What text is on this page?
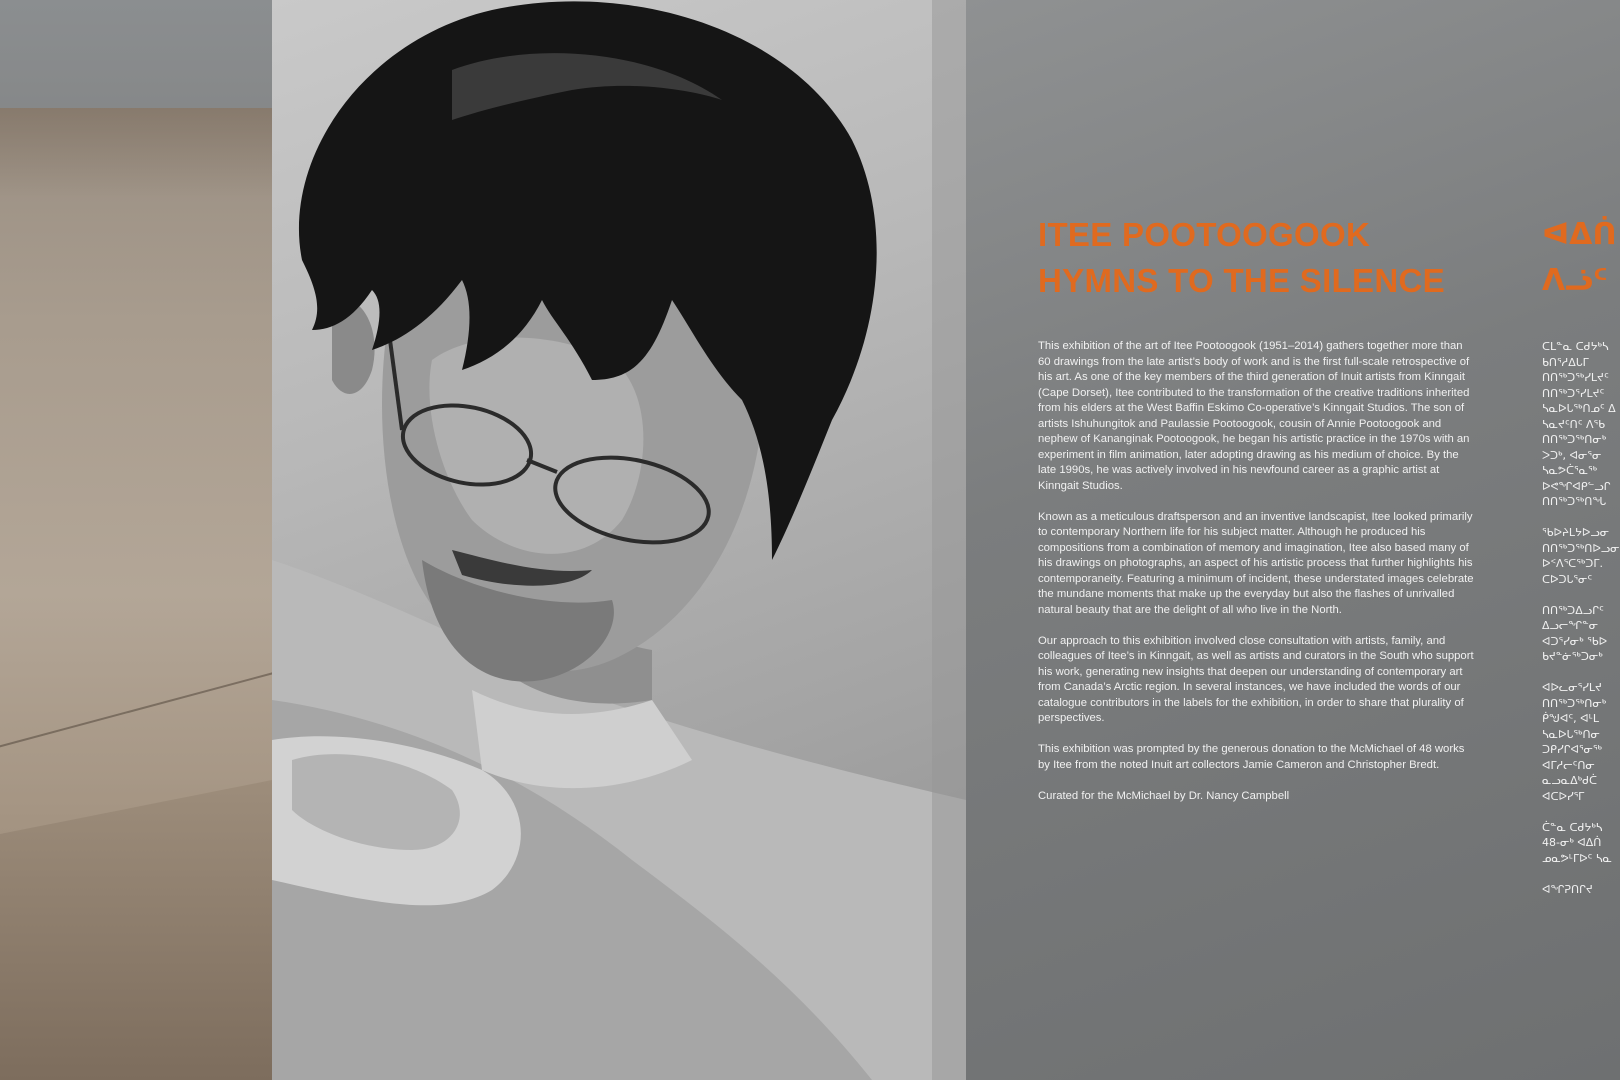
ITEE POOTOOGOOK
HYMNS TO THE SILENCE

This exhibition of the art of Itee Pootoogook (1951–2014) gathers together more than 60 drawings from the late artist’s body of work and is the first full-scale retrospective of his art. As one of the key members of the third generation of Inuit artists from Kinngait (Cape Dorset), Itee contributed to the transformation of the creative traditions inherited from his elders at the West Baffin Eskimo Co-operative’s Kinngait Studios. The son of artists Ishuhungitok and Paulassie Pootoogook, cousin of Annie Pootoogook and nephew of Kananginak Pootoogook, he began his artistic practice in the 1970s with an experiment in film animation, later adopting drawing as his medium of choice. By the late 1990s, he was actively involved in his newfound career as a graphic artist at Kinngait Studios.

Known as a meticulous draftsperson and an inventive landscapist, Itee looked primarily to contemporary Northern life for his subject matter. Although he produced his compositions from a combination of memory and imagination, Itee also based many of his drawings on photographs, an aspect of his artistic process that further highlights his contemporaneity. Featuring a minimum of incident, these understated images celebrate the mundane moments that make up the everyday but also the flashes of unrivalled natural beauty that are the delight of all who live in the North.

Our approach to this exhibition involved close consultation with artists, family, and colleagues of Itee’s in Kinngait, as well as artists and curators in the South who support his work, generating new insights that deepen our understanding of contemporary art from Canada’s Arctic region. In several instances, we have included the words of our catalogue contributors in the labels for the exhibition, in order to share that plurality of perspectives.

This exhibition was prompted by the generous donation to the McMichael of 48 works by Itee from the noted Inuit art collectors Jamie Cameron and Christopher Bredt.

Curated for the McMichael by Dr. Nancy Campbell

ᐊᐃᑏ
ᐱᓘᑦ
ᑕᒪᓐᓇ ᑕᑯᔭᒃᓴ
ᑲᑎᕐᓱᐃᒐᒥ
ᑎᑎᖅᑐᖅᓯᒪᔪᑦ
ᑎᑎᖅᑐᕐᓯᒪᔪᑦ
ᓴᓇᐅᒐᖅᑎᓄᑦ ᐃ
ᓴᓇᔪᑦᑎᑦ ᐱᖃ
ᑎᑎᖅᑐᖅᑎᓂᒃ
ᐳᑐᒃ, ᐊᓂᕐᓂ
ᓴᓇᕗᑖᕐᓇᖅ
ᐅᕙᖏᐊᑭᓪᓗᒋ
ᑎᑎᖅᑐᖅᑎᖓ
ᖃᐅᔨᒪᔭᐅᓗᓂ
ᑎᑎᖅᑐᖅᑎᐅᓗᓂ
ᐅᑉᐱᕐᑕᖅᑐᒥ.
ᑕᐅᑐᒐᕐᓂᑦ
ᑎᑎᖅᑐᐃᓗᒋᑦ
ᐃᓗᓕᖏᓐᓂ
ᐊᑐᕐᓯᓂᒃ ᖃᐅ
ᑲᔪᓐᓃᖅᑐᓂᒃ
ᐊᐅᓚᓂᕐᓯᒪᔪ
ᑎᑎᖅᑐᖅᑎᓂᒃ
ᑮᖑᐊᑦ, ᐊᒻᒪ
ᓴᓇᐅᒐᖅᑎᓂ
ᑐᑭᓯᒋᐊᕐᓂᖅ
ᐊᒥᓱᓕᑦᑎᓂ
ᓇᓗᓇᐃᒃᑯᑖ
ᐊᑕᐅᓯᕐᒥ
ᑖᓐᓇ ᑕᑯᔭᒃᓴ
48-ᓂᒃ ᐊᐃᑏ
ᓄᓇᕗᒻᒥᐅᑦ ᓴᓇ
ᐊᖏᕈᑎᒋᔪ
